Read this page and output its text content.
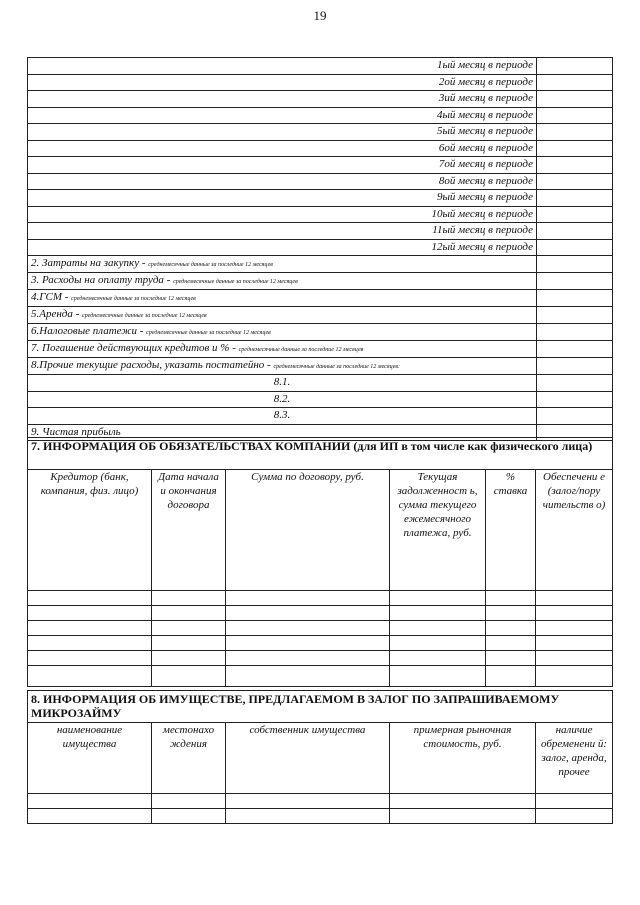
19
1ый месяц в периоде	
2ой месяц в периоде	
3ий месяц в периоде	
4ый месяц в периоде	
5ый месяц в периоде	
6ой месяц в периоде	
7ой месяц в периоде	
8ой месяц в периоде	
9ый месяц в периоде	
10ый месяц в периоде	
11ый месяц в периоде	
12ый месяц в периоде	
2. Затраты на закупку - среднемесячные данные за последние 12 месяцев	
3. Расходы на оплату труда - среднемесячные данные за последние 12 месяцев	
4.ГСМ - среднемесячные данные за последние 12 месяцев	
5.Аренда - среднемесячные данные за последние 12 месяцев	
6.Налоговые платежи - среднемесячные данные за последние 12 месяцев	
7. Погашение действующих кредитов и % - среднемесячные данные за последние 12 месяцев	
8.Прочие текущие расходы, указать постатейно - среднемесячные данные за последние 12 месяцев:	
8.1.	
8.2.	
8.3.	
9. Чистая прибыль	
7. ИНФОРМАЦИЯ ОБ ОБЯЗАТЕЛЬСТВАХ КОМПАНИИ (для ИП в том числе как физического лица)					
Кредитор (банк, компания, физ. лицо)	Дата начала и окончания договора	Сумма по договору, руб.	Текущая задолженност ь, сумма текущего ежемесячного платежа, руб.	% ставка	Обеспечени е (залог/пору чительств о)

8. ИНФОРМАЦИЯ ОБ ИМУЩЕСТВЕ, ПРЕДЛАГАЕМОМ В ЗАЛОГ ПО ЗАПРАШИВАЕМОМУ МИКРОЗАЙМУ				
наименование имущества	местонахо ждения	собственник имущества	примерная рыночная стоимость, руб.	наличие обременени й: залог, аренда, прочее
